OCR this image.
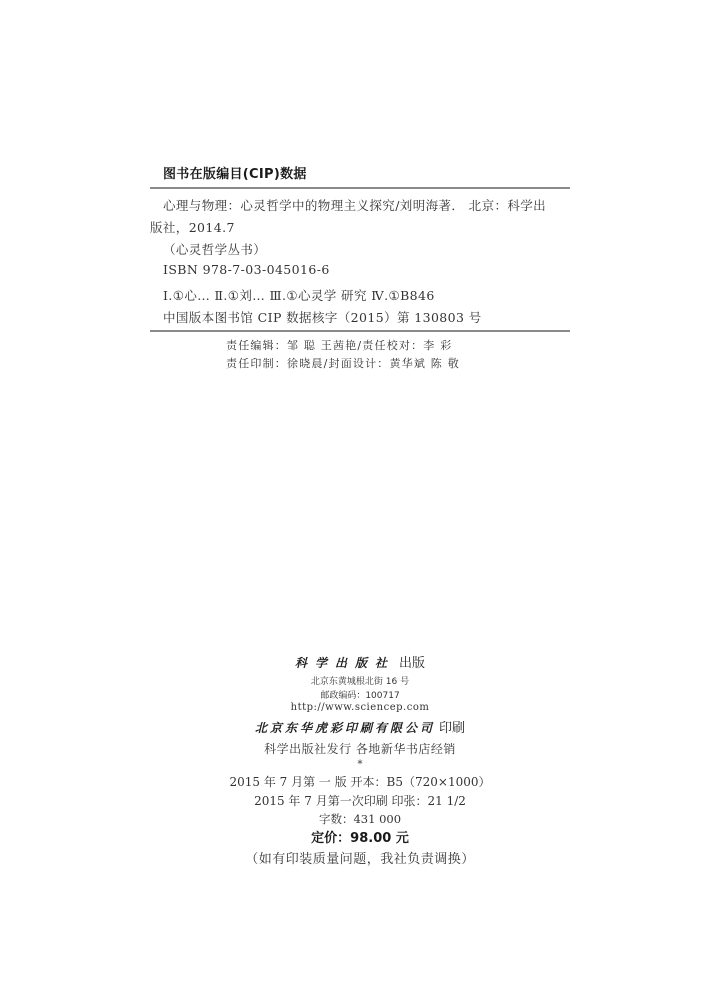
图书在版编目(CIP)数据
心理与物理：心灵哲学中的物理主义探究/刘明海著． 北京：科学出
版社，2014.7
（心灵哲学丛书）
ISBN 978-7-03-045016-6
Ⅰ.①心… Ⅱ.①刘… Ⅲ.①心灵学 研究 Ⅳ.①B846
中国版本图书馆 CIP 数据核字（2015）第 130803 号
责任编辑：邹 聪 王茜艳/责任校对：李 彩
责任印制：徐晓晨/封面设计：黄华斌 陈 敬
科学出版社 出版
北京东黄城根北街 16 号
邮政编码：100717
http://www.sciencep.com
北京东华虎彩印刷有限公司 印刷
科学出版社发行 各地新华书店经销
*
2015 年 7 月第 一 版 开本：B5（720×1000）
2015 年 7 月第一次印刷 印张：21 1/2
字数：431 000
定价：98.00 元
（如有印装质量问题，我社负责调换）
